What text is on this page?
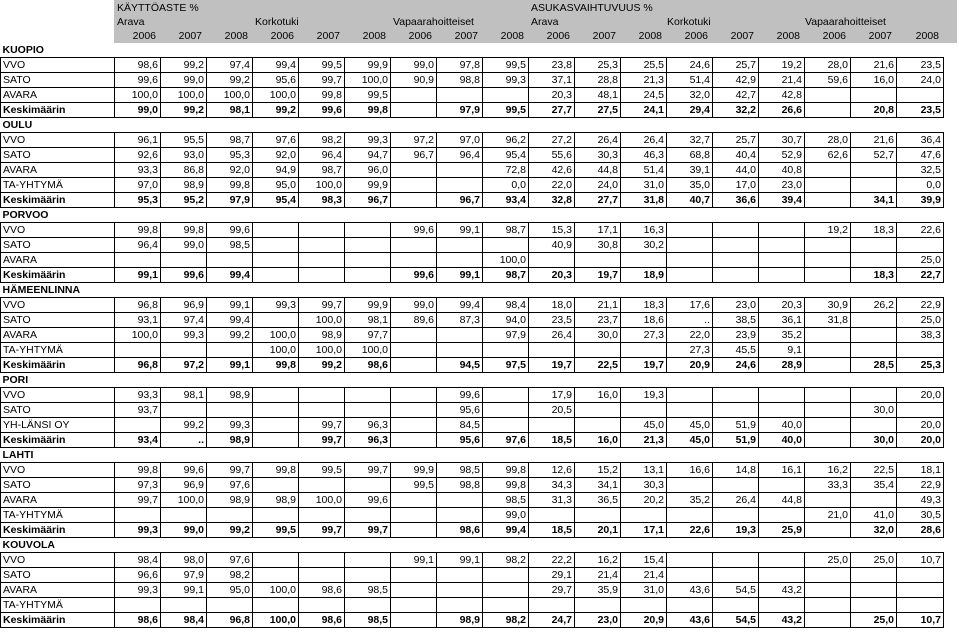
KÄYTTÖASTE %	ASUKASVAIHTUVUUS %
Arava	Korkotuki	Vapaarahoitteiset	Arava	Korkotuki	Vapaarahoitteiset
2006	2007	2008	2006	2007	2008	2006	2007	2008	2006	2007	2008	2006	2007	2008	2006	2007	2008
KUOPIO																		
VVO	98,6	99,2	97,4	99,4	99,5	99,9	99,0	97,8	99,5	23,8	25,3	25,5	24,6	25,7	19,2	28,0	21,6	23,5
SATO	99,6	99,0	99,2	95,6	99,7	100,0	90,9	98,8	99,3	37,1	28,8	21,3	51,4	42,9	21,4	59,6	16,0	24,0
AVARA	100,0	100,0	100,0	100,0	99,8	99,5				20,3	48,1	24,5	32,0	42,7	42,8			
Keskimäärin	99,0	99,2	98,1	99,2	99,6	99,8		97,9	99,5	27,7	27,5	24,1	29,4	32,2	26,6		20,8	23,5
OULU																		
VVO	96,1	95,5	98,7	97,6	98,2	99,3	97,2	97,0	96,2	27,2	26,4	26,4	32,7	25,7	30,7	28,0	21,6	36,4
SATO	92,6	93,0	95,3	92,0	96,4	94,7	96,7	96,4	95,4	55,6	30,3	46,3	68,8	40,4	52,9	62,6	52,7	47,6
AVARA	93,3	86,8	92,0	94,9	98,7	96,0			72,8	42,6	44,8	51,4	39,1	44,0	40,8			32,5
TA-YHTYMÄ	97,0	98,9	99,8	95,0	100,0	99,9			0,0	22,0	24,0	31,0	35,0	17,0	23,0			0,0
Keskimäärin	95,3	95,2	97,9	95,4	98,3	96,7		96,7	93,4	32,8	27,7	31,8	40,7	36,6	39,4		34,1	39,9
PORVOO																		
VVO	99,8	99,8	99,6				99,6	99,1	98,7	15,3	17,1	16,3				19,2	18,3	22,6
SATO	96,4	99,0	98,5							40,9	30,8	30,2						
AVARA									100,0									25,0
Keskimäärin	99,1	99,6	99,4				99,6	99,1	98,7	20,3	19,7	18,9					18,3	22,7
HÄMEENLINNA																		
VVO	96,8	96,9	99,1	99,3	99,7	99,9	99,0	99,4	98,4	18,0	21,1	18,3	17,6	23,0	20,3	30,9	26,2	22,9
SATO	93,1	97,4	99,4		100,0	98,1	89,6	87,3	94,0	23,5	23,7	18,6	..	38,5	36,1	31,8		25,0
AVARA	100,0	99,3	99,2	100,0	98,9	97,7			97,9	26,4	30,0	27,3	22,0	23,9	35,2			38,3
TA-YHTYMÄ				100,0	100,0	100,0							27,3	45,5	9,1			
Keskimäärin	96,8	97,2	99,1	99,8	99,2	98,6		94,5	97,5	19,7	22,5	19,7	20,9	24,6	28,9		28,5	25,3
PORI																		
VVO	93,3	98,1	98,9					99,6		17,9	16,0	19,3						20,0
SATO	93,7							95,6		20,5							30,0	
YH-LÄNSI OY		99,2	99,3		99,7	96,3		84,5				45,0	45,0	51,9	40,0			20,0
Keskimäärin	93,4	..	98,9		99,7	96,3		95,6	97,6	18,5	16,0	21,3	45,0	51,9	40,0		30,0	20,0
LAHTI																		
VVO	99,8	99,6	99,7	99,8	99,5	99,7	99,9	98,5	99,8	12,6	15,2	13,1	16,6	14,8	16,1	16,2	22,5	18,1
SATO	97,3	96,9	97,6				99,5	98,8	99,8	34,3	34,1	30,3				33,3	35,4	22,9
AVARA	99,7	100,0	98,9	98,9	100,0	99,6			98,5	31,3	36,5	20,2	35,2	26,4	44,8			49,3
TA-YHTYMÄ									99,0							21,0	41,0	30,5
Keskimäärin	99,3	99,0	99,2	99,5	99,7	99,7		98,6	99,4	18,5	20,1	17,1	22,6	19,3	25,9		32,0	28,6
KOUVOLA																		
VVO	98,4	98,0	97,6				99,1	99,1	98,2	22,2	16,2	15,4				25,0	25,0	10,7
SATO	96,6	97,9	98,2							29,1	21,4	21,4						
AVARA	99,3	99,1	95,0	100,0	98,6	98,5				29,7	35,9	31,0	43,6	54,5	43,2			
TA-YHTYMÄ																		
Keskimäärin	98,6	98,4	96,8	100,0	98,6	98,5		98,9	98,2	24,7	23,0	20,9	43,6	54,5	43,2		25,0	10,7
